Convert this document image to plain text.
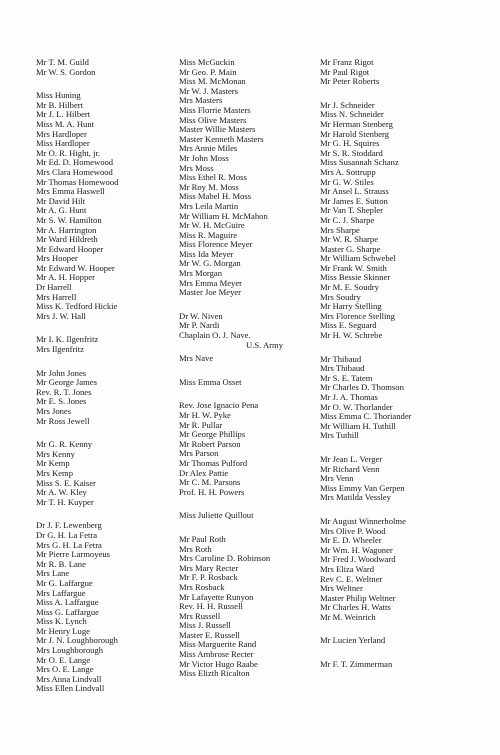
Mr T. M. Guild
Mr W. S. Gordon
Miss Huning
Mr B. Hilbert
Mr J. L. Hilbert
Miss M. A. Hunt
Mrs Hardloper
Miss Hardloper
Mr O. R. Hight, jr.
Mr Ed. D. Homewood
Mrs Clara Homewood
Mr Thomas Homewood
Mrs Emma Haswell
Mr David Hilt
Mr A. G. Hunt
Mr S. W. Hamilton
Mr A. Harrington
Mr Ward Hildreth
Mr Edward Hooper
Mrs Hooper
Mr Edward W. Hooper
Mr A. H. Hopper
Dr Harrell
Mrs Harrell
Miss K. Tedford Hickie
Mrs J. W. Hall
Mr I. K. Ilgenfritz
Mrs Ilgenfritz
Mr John Jones
Mr George James
Rev. R. T. Jones
Mr E. S. Jones
Mrs Jones
Mr Ross Jewell
Mr G. R. Kenny
Mrs Kenny
Mr Kemp
Mrs Kemp
Miss S. E. Kaiser
Mr A. W. Kley
Mr T. H. Kuyper
Dr J. F. Lewenberg
Dr G. H. La Fetra
Mrs G. H. La Fetra
Mr Pierre Larmoyeus
Mr R. B. Lane
Mrs Lane
Mr G. Laffargue
Mrs Laffargue
Miss A. Laffargue
Miss G. Laffargue
Miss K. Lynch
Mr Henry Luge
Mr J. N. Loughborough
Mrs Loughborough
Mr O. E. Lange
Mrs O. E. Lange
Mrs Anna Lindvall
Miss Ellen Lindvall
Miss McGuckin
Mr Geo. P. Main
Miss M. McMonan
Mr W. J. Masters
Mrs Masters
Miss Florrie Masters
Miss Olive Masters
Master Willie Masters
Master Kenneth Masters
Mrs Annie Miles
Mr John Moss
Mrs Moss
Miss Ethel R. Moss
Mr Roy M. Moss
Miss Mabel H. Moss
Mrs Leila Martin
Mr William H. McMahon
Mr W. H. McGuire
Miss R. Maguire
Miss Florence Meyer
Miss Ida Meyer
Mr W. G. Morgan
Mrs Morgan
Mrs Emma Meyer
Master Joe Meyer
Dr W. Niven
Mr P. Nardi
Chaplain O. J. Nave.
U.S. Army
Mrs Nave
Miss Emma Osset
Rev. Jose Ignacio Pena
Mr H. W. Pyke
Mr R. Pullar
Mr George Phillips
Mr Robert Parson
Mrs Parson
Mr Thomas Pulford
Dr Alex Pattie
Mr C. M. Parsons
Prof. H. H. Powers
Miss Juliette Quillout
Mr Paul Roth
Mrs Roth
Mrs Caroline D. Robinson
Mrs Mary Recter
Mr F. P. Rosback
Mrs Rosback
Mr Lafayette Runyon
Rev. H. H. Russell
Mrs Russell
Miss J. Russell
Master E. Russell
Miss Marguerite Rand
Miss Ambrose Recter
Mr Victor Hugo Raabe
Miss Elizth Ricalton
Mr Franz Rigot
Mr Paul Rigot
Mr Peter Roberts
Mr J. Schneider
Miss N. Schneider
Mr Herman Stenberg
Mr Harold Stenberg
Mr G. H. Squires
Mr S. R. Stoddard
Miss Susannah Schanz
Mrs A. Sottrupp
Mr G. W. Stiles
Mr Ansel L. Strauss
Mr James E. Sutton
Mr Van T. Shepler
Mr C. J. Sharpe
Mrs Sharpe
Mr W. R. Sharpe
Master G. Sharpe
Mr William Schwebel
Mr Frank W. Smith
Miss Bessie Skinner
Mr M. E. Soudry
Mrs Soudry
Mr Harry Stelling
Mrs Florence Stelling
Miss E. Seguard
Mr H. W. Schrebe
Mr Thibaud
Mrs Thibaud
Mr S. E. Tatem
Mr Charles D. Thomson
Mr J. A. Thomas
Mr O. W. Thorlander
Miss Emma C. Thoriander
Mr William H. Tuthill
Mrs Tuthill
Mr Jean L. Verger
Mr Richard Venn
Mrs Venn
Miss Emmy Van Gerpen
Mrs Matilda Vessley
Mr August Winnerholme
Mrs Olive P. Wood
Mr E. D. Wheeler
Mr Wm. H. Wagoner
Mr Fred J. Woodward
Mrs Eliza Ward
Rev C. E. Weltner
Mrs Weltner
Master Philip Weltner
Mr Charles H. Watts
Mr M. Weinrich
Mr Lucien Yerland
Mr F. T. Zimmerman
